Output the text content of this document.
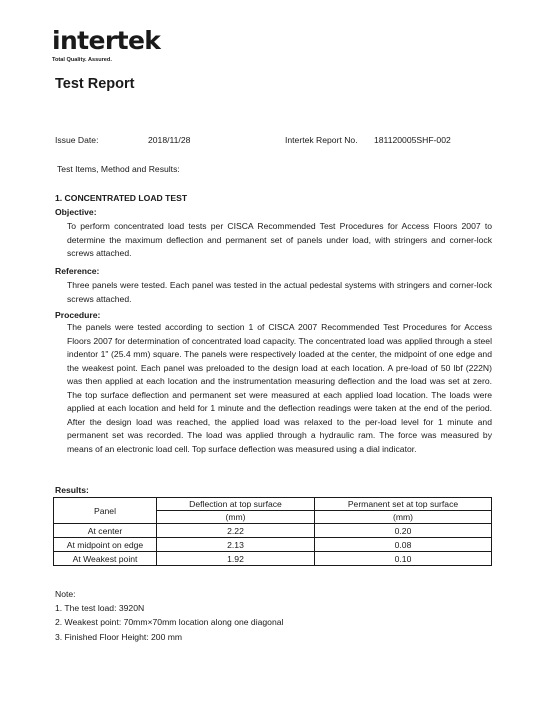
intertek
Total Quality. Assured.
Test Report
Issue Date:	2018/11/28	Intertek Report No. 181120005SHF-002
Test Items, Method and Results:
1. CONCENTRATED LOAD TEST
Objective:
To perform concentrated load tests per CISCA Recommended Test Procedures for Access Floors 2007 to determine the maximum deflection and permanent set of panels under load, with stringers and corner-lock screws attached.
Reference:
Three panels were tested. Each panel was tested in the actual pedestal systems with stringers and corner-lock screws attached.
Procedure:
The panels were tested according to section 1 of CISCA 2007 Recommended Test Procedures for Access Floors 2007 for determination of concentrated load capacity. The concentrated load was applied through a steel indentor 1" (25.4 mm) square. The panels were respectively loaded at the center, the midpoint of one edge and the weakest point. Each panel was preloaded to the design load at each location. A pre-load of 50 lbf (222N) was then applied at each location and the instrumentation measuring deflection and the load was set at zero. The top surface deflection and permanent set were measured at each applied load location. The loads were applied at each location and held for 1 minute and the deflection readings were taken at the end of the period. After the design load was reached, the applied load was relaxed to the per-load level for 1 minute and permanent set was recorded. The load was applied through a hydraulic ram. The force was measured by means of an electronic load cell. Top surface deflection was measured using a dial indicator.
Results:
Panel	Deflection at top surface	Permanent set at top surface
	(mm)	(mm)
At center	2.22	0.20
At midpoint on edge	2.13	0.08
At Weakest point	1.92	0.10
Note:
1. The test load: 3920N
2. Weakest point: 70mm×70mm location along one diagonal
3. Finished Floor Height: 200 mm
